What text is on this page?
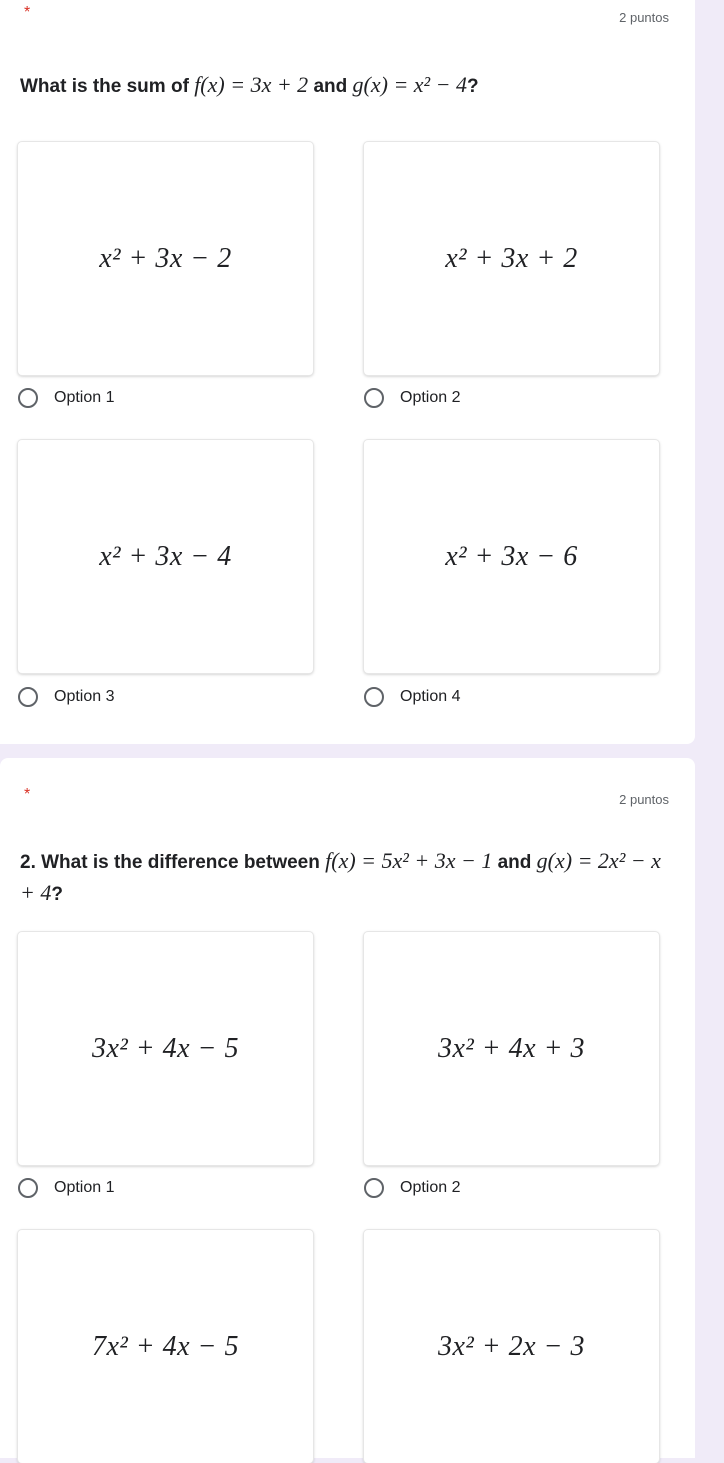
*	2 puntos
What is the sum of f(x) = 3x + 2 and g(x) = x² − 4?
x² + 3x − 2	x² + 3x + 2
Option 1	Option 2
x² + 3x − 4	x² + 3x − 6
Option 3	Option 4
*	2 puntos
2. What is the difference between f(x) = 5x² + 3x − 1 and g(x) = 2x² − x + 4?
3x² + 4x − 5	3x² + 4x + 3
Option 1	Option 2
7x² + 4x − 5	3x² + 2x − 3
